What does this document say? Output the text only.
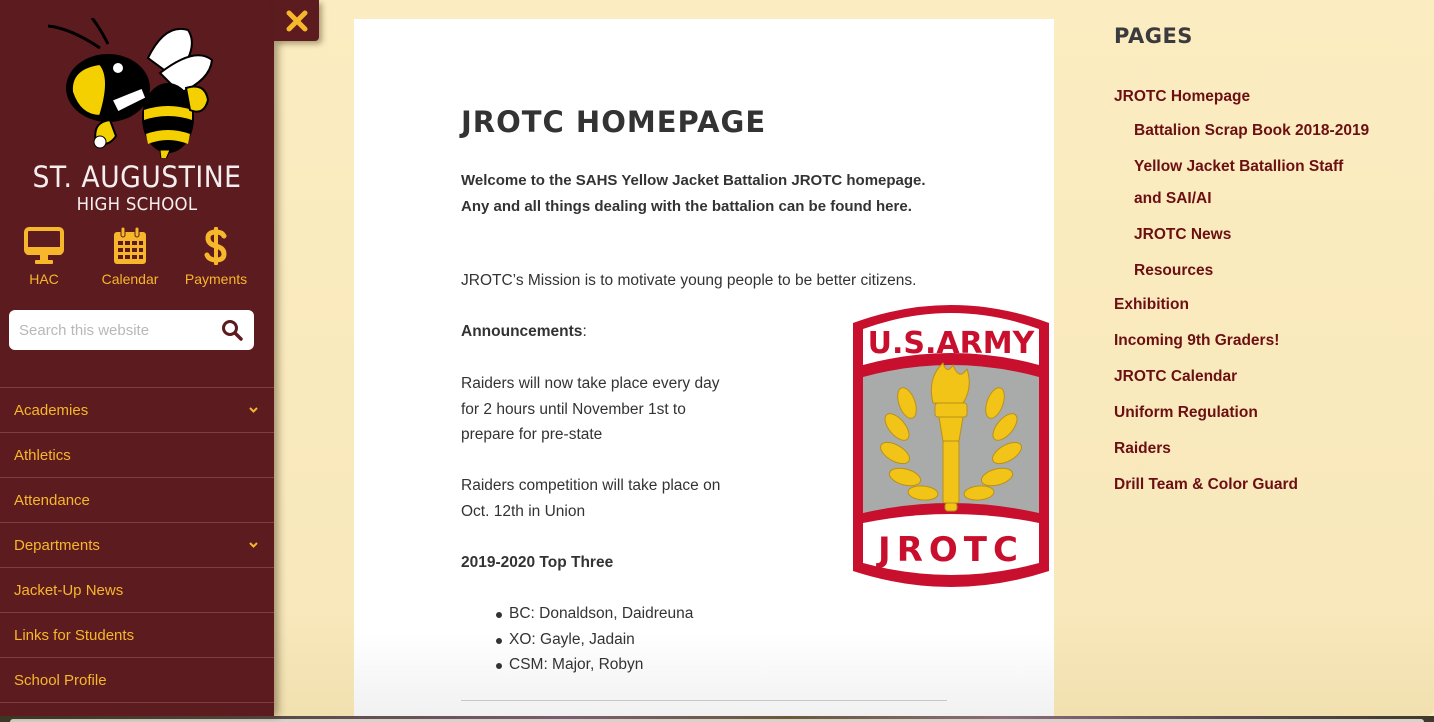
ST. AUGUSTINE
HIGH SCHOOL
HAC	Calendar Payments
Search this website
Academies
Athletics
Attendance
Departments
Jacket-Up News
Links for Students
School Profile
JROTC HOMEPAGE

Welcome to the SAHS Yellow Jacket Battalion JROTC homepage. Any and all things dealing with the battalion can be found here.

JROTC’s Mission is to motivate young people to be better citizens.

Announcements:

Raiders will now take place every day for 2 hours until November 1st to prepare for pre-state

Raiders competition will take place on Oct. 12th in Union

2019-2020 Top Three

BC: Donaldson, Daidreuna
XO: Gayle, Jadain
CSM: Major, Robyn
U.S.ARMY
JROTC
PAGES
JROTC Homepage
Battalion Scrap Book 2018-2019
Yellow Jacket Batallion Staff and SAI/AI
JROTC News
Resources
Exhibition
Incoming 9th Graders!
JROTC Calendar
Uniform Regulation
Raiders
Drill Team & Color Guard
